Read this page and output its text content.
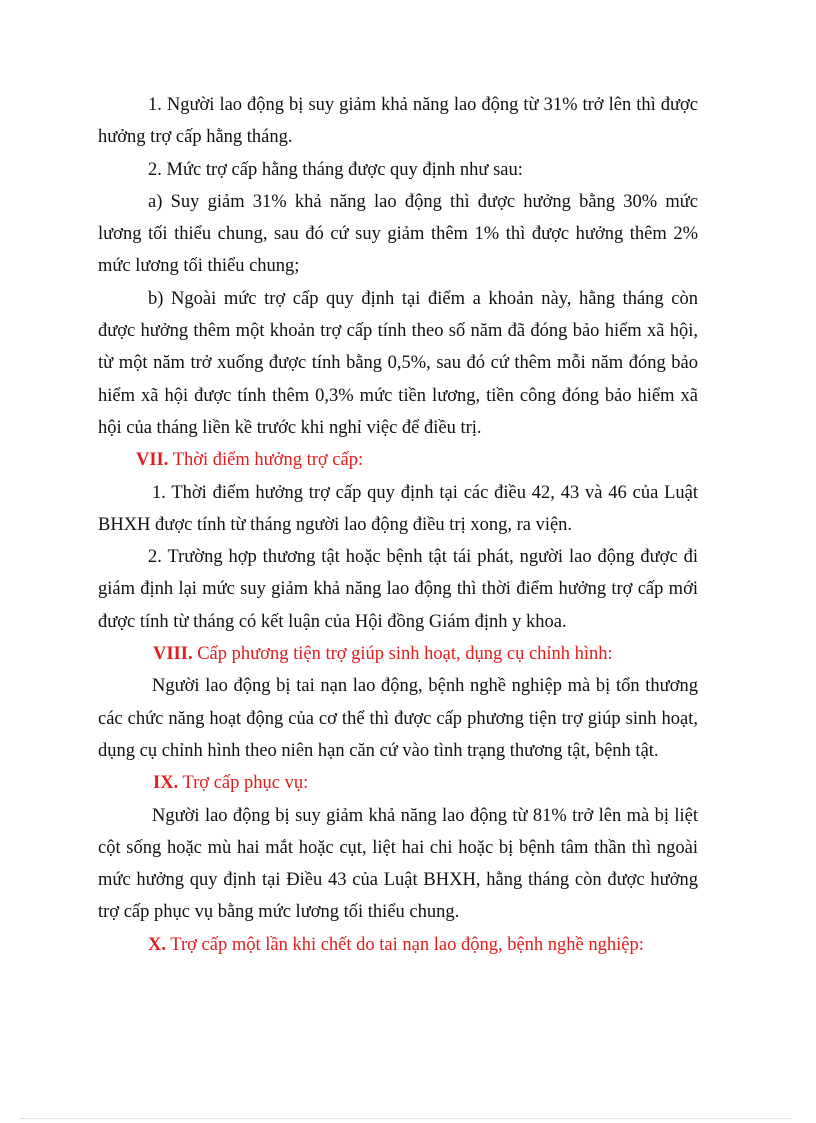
1. Người lao động bị suy giảm khả năng lao động từ 31% trở lên thì được hưởng trợ cấp hằng tháng.

2. Mức trợ cấp hằng tháng được quy định như sau:

a) Suy giảm 31% khả năng lao động thì được hưởng bằng 30% mức lương tối thiểu chung, sau đó cứ suy giảm thêm 1% thì được hưởng thêm 2% mức lương tối thiểu chung;

b) Ngoài mức trợ cấp quy định tại điểm a khoản này, hằng tháng còn được hưởng thêm một khoản trợ cấp tính theo số năm đã đóng bảo hiểm xã hội, từ một năm trở xuống được tính bằng 0,5%, sau đó cứ thêm mỗi năm đóng bảo hiểm xã hội được tính thêm 0,3% mức tiền lương, tiền công đóng bảo hiểm xã hội của tháng liền kề trước khi nghỉ việc để điều trị.

VII. Thời điểm hưởng trợ cấp:

1. Thời điểm hưởng trợ cấp quy định tại các điều 42, 43 và 46 của Luật BHXH được tính từ tháng người lao động điều trị xong, ra viện.

2. Trường hợp thương tật hoặc bệnh tật tái phát, người lao động được đi giám định lại mức suy giảm khả năng lao động thì thời điểm hưởng trợ cấp mới được tính từ tháng có kết luận của Hội đồng Giám định y khoa.

VIII. Cấp phương tiện trợ giúp sinh hoạt, dụng cụ chỉnh hình:

Người lao động bị tai nạn lao động, bệnh nghề nghiệp mà bị tổn thương các chức năng hoạt động của cơ thể thì được cấp phương tiện trợ giúp sinh hoạt, dụng cụ chỉnh hình theo niên hạn căn cứ vào tình trạng thương tật, bệnh tật.

IX. Trợ cấp phục vụ:

Người lao động bị suy giảm khả năng lao động từ 81% trở lên mà bị liệt cột sống hoặc mù hai mắt hoặc cụt, liệt hai chi hoặc bị bệnh tâm thần thì ngoài mức hưởng quy định tại Điều 43 của Luật BHXH, hằng tháng còn được hưởng trợ cấp phục vụ bằng mức lương tối thiểu chung.

X. Trợ cấp một lần khi chết do tai nạn lao động, bệnh nghề nghiệp:
